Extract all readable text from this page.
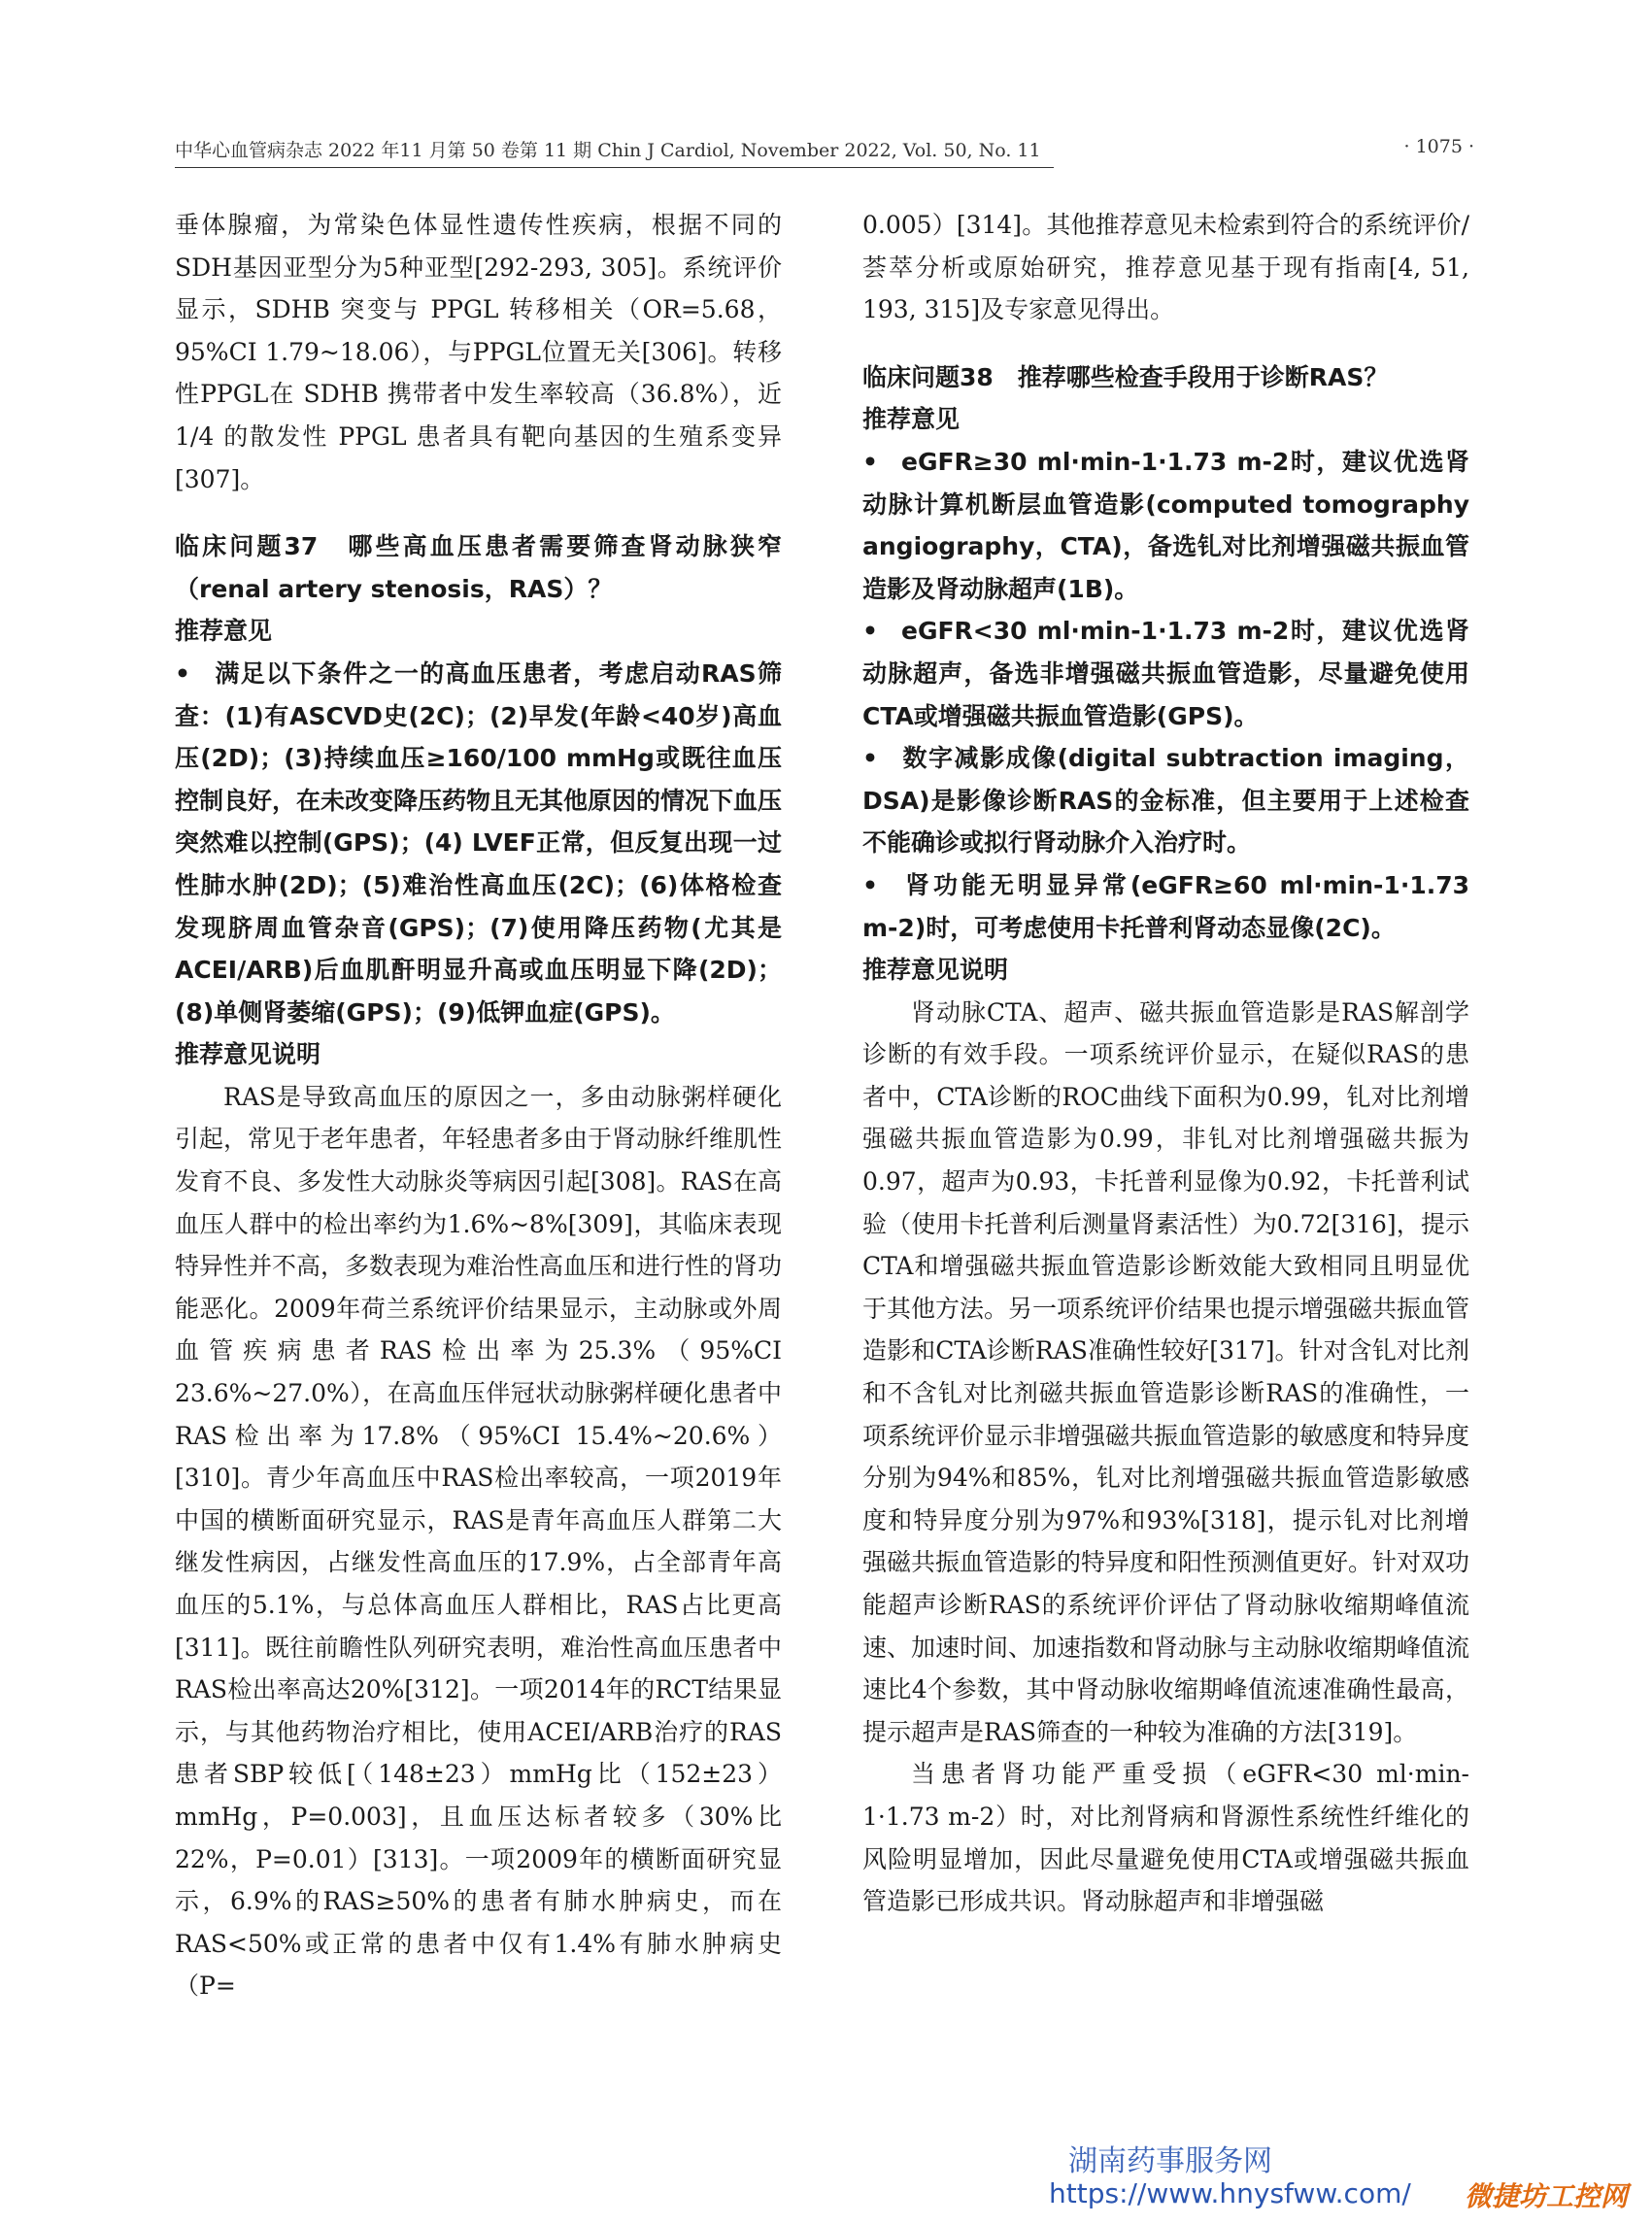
中华心血管病杂志 2022 年11 月第 50 卷第 11 期 Chin J Cardiol, November 2022, Vol. 50, No. 11	· 1075 ·

垂体腺瘤，为常染色体显性遗传性疾病，根据不同的SDH基因亚型分为5种亚型[292-293, 305]。系统评价显示，SDHB 突变与 PPGL 转移相关（OR=5.68，95%CI 1.79~18.06），与PPGL位置无关[306]。转移性PPGL在 SDHB 携带者中发生率较高（36.8%），近1/4 的散发性 PPGL 患者具有靶向基因的生殖系变异[307]。

临床问题37　哪些高血压患者需要筛查肾动脉狭窄（renal artery stenosis，RAS）？

推荐意见

• 满足以下条件之一的高血压患者，考虑启动RAS筛查：(1)有ASCVD史(2C)；(2)早发(年龄<40岁)高血压(2D)；(3)持续血压≥160/100 mmHg或既往血压控制良好，在未改变降压药物且无其他原因的情况下血压突然难以控制(GPS)；(4) LVEF正常，但反复出现一过性肺水肿(2D)；(5)难治性高血压(2C)；(6)体格检查发现脐周血管杂音(GPS)；(7)使用降压药物(尤其是ACEI/ARB)后血肌酐明显升高或血压明显下降(2D)；(8)单侧肾萎缩(GPS)；(9)低钾血症(GPS)。

推荐意见说明

RAS是导致高血压的原因之一，多由动脉粥样硬化引起，常见于老年患者，年轻患者多由于肾动脉纤维肌性发育不良、多发性大动脉炎等病因引起[308]。RAS在高血压人群中的检出率约为1.6%~8%[309]，其临床表现特异性并不高，多数表现为难治性高血压和进行性的肾功能恶化。2009年荷兰系统评价结果显示，主动脉或外周血管疾病患者RAS检出率为25.3%（95%CI 23.6%~27.0%），在高血压伴冠状动脉粥样硬化患者中RAS检出率为17.8%（95%CI 15.4%~20.6%）[310]。青少年高血压中RAS检出率较高，一项2019年中国的横断面研究显示，RAS是青年高血压人群第二大继发性病因，占继发性高血压的17.9%，占全部青年高血压的5.1%，与总体高血压人群相比，RAS占比更高[311]。既往前瞻性队列研究表明，难治性高血压患者中RAS检出率高达20%[312]。一项2014年的RCT结果显示，与其他药物治疗相比，使用ACEI/ARB治疗的RAS患者SBP较低[（148±23）mmHg比（152±23）mmHg，P=0.003]，且血压达标者较多（30%比22%，P=0.01）[313]。一项2009年的横断面研究显示，6.9%的RAS≥50%的患者有肺水肿病史，而在RAS<50%或正常的患者中仅有1.4%有肺水肿病史（P=

0.005）[314]。其他推荐意见未检索到符合的系统评价/荟萃分析或原始研究，推荐意见基于现有指南[4, 51, 193, 315]及专家意见得出。

临床问题38　推荐哪些检查手段用于诊断RAS？

推荐意见

• eGFR≥30 ml·min-1·1.73 m-2时，建议优选肾动脉计算机断层血管造影(computed tomography angiography，CTA)，备选钆对比剂增强磁共振血管造影及肾动脉超声(1B)。

• eGFR<30 ml·min-1·1.73 m-2时，建议优选肾动脉超声，备选非增强磁共振血管造影，尽量避免使用CTA或增强磁共振血管造影(GPS)。

• 数字减影成像(digital subtraction imaging，DSA)是影像诊断RAS的金标准，但主要用于上述检查不能确诊或拟行肾动脉介入治疗时。

• 肾功能无明显异常(eGFR≥60 ml·min-1·1.73 m-2)时，可考虑使用卡托普利肾动态显像(2C)。

推荐意见说明

肾动脉CTA、超声、磁共振血管造影是RAS解剖学诊断的有效手段。一项系统评价显示，在疑似RAS的患者中，CTA诊断的ROC曲线下面积为0.99，钆对比剂增强磁共振血管造影为0.99，非钆对比剂增强磁共振为0.97，超声为0.93，卡托普利显像为0.92，卡托普利试验（使用卡托普利后测量肾素活性）为0.72[316]，提示CTA和增强磁共振血管造影诊断效能大致相同且明显优于其他方法。另一项系统评价结果也提示增强磁共振血管造影和CTA诊断RAS准确性较好[317]。针对含钆对比剂和不含钆对比剂磁共振血管造影诊断RAS的准确性，一项系统评价显示非增强磁共振血管造影的敏感度和特异度分别为94%和85%，钆对比剂增强磁共振血管造影敏感度和特异度分别为97%和93%[318]，提示钆对比剂增强磁共振血管造影的特异度和阳性预测值更好。针对双功能超声诊断RAS的系统评价评估了肾动脉收缩期峰值流速、加速时间、加速指数和肾动脉与主动脉收缩期峰值流速比4个参数，其中肾动脉收缩期峰值流速准确性最高，提示超声是RAS筛查的一种较为准确的方法[319]。

当患者肾功能严重受损（eGFR<30 ml·min-1·1.73 m-2）时，对比剂肾病和肾源性系统性纤维化的风险明显增加，因此尽量避免使用CTA或增强磁共振血管造影已形成共识。肾动脉超声和非增强磁

湖南药事服务网
https://www.hnysfww.com/ 微捷坊工控网
